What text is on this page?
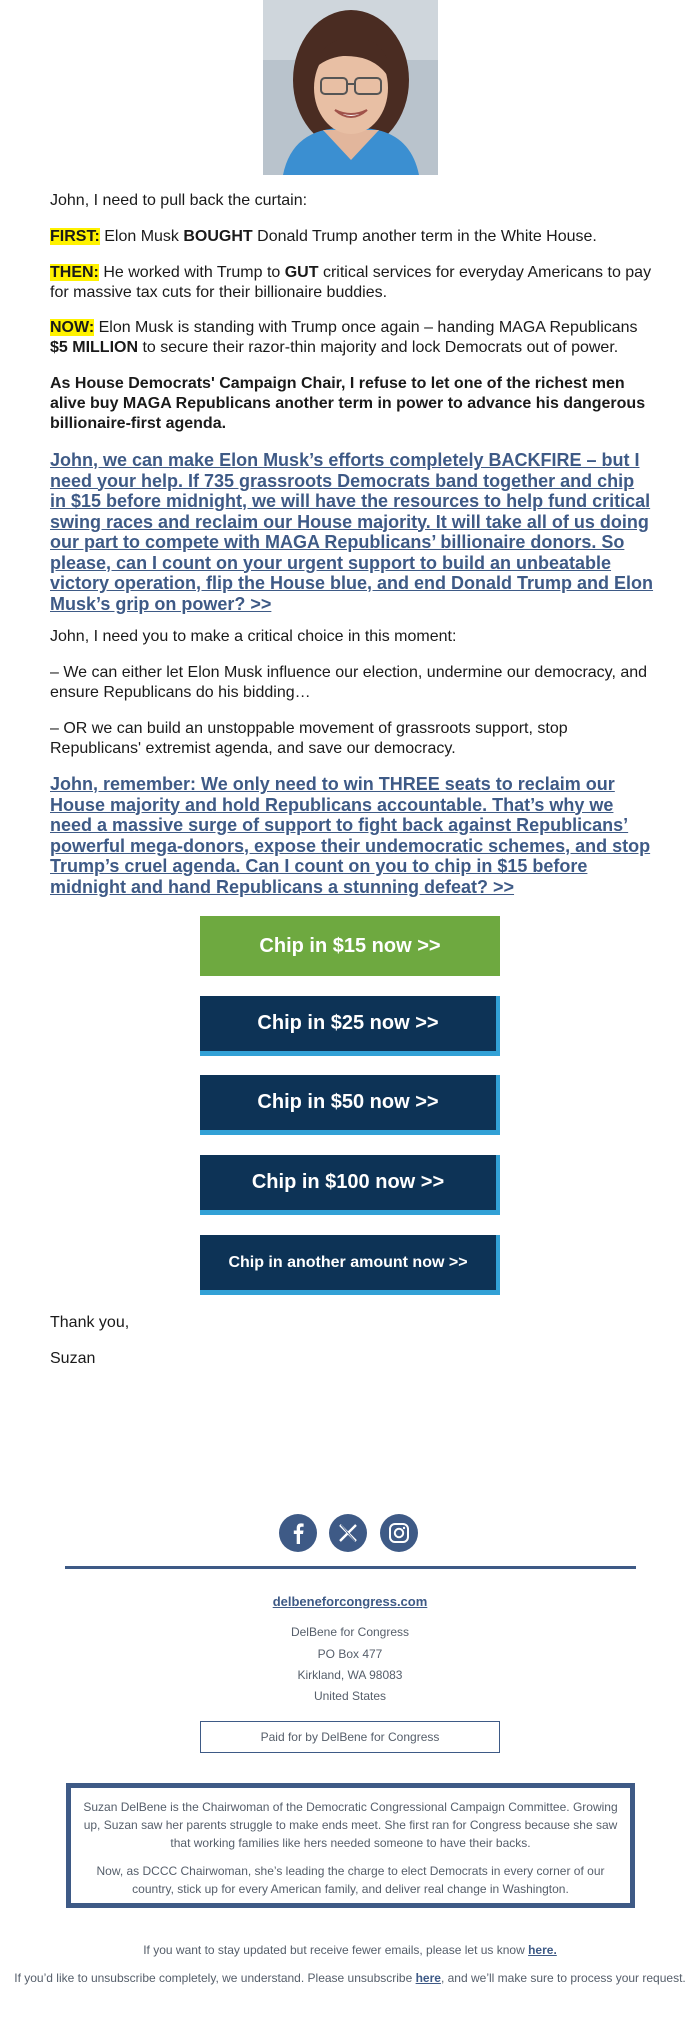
John, I need to pull back the curtain:
FIRST: Elon Musk BOUGHT Donald Trump another term in the White House.
THEN: He worked with Trump to GUT critical services for everyday Americans to pay for massive tax cuts for their billionaire buddies.
NOW: Elon Musk is standing with Trump once again – handing MAGA Republicans $5 MILLION to secure their razor-thin majority and lock Democrats out of power.
As House Democrats' Campaign Chair, I refuse to let one of the richest men alive buy MAGA Republicans another term in power to advance his dangerous billionaire-first agenda.
John, we can make Elon Musk’s efforts completely BACKFIRE – but I need your help. If 735 grassroots Democrats band together and chip in $15 before midnight, we will have the resources to help fund critical swing races and reclaim our House majority. It will take all of us doing our part to compete with MAGA Republicans’ billionaire donors. So please, can I count on your urgent support to build an unbeatable victory operation, flip the House blue, and end Donald Trump and Elon Musk’s grip on power? >>
John, I need you to make a critical choice in this moment:
– We can either let Elon Musk influence our election, undermine our democracy, and ensure Republicans do his bidding…
– OR we can build an unstoppable movement of grassroots support, stop Republicans' extremist agenda, and save our democracy.
John, remember: We only need to win THREE seats to reclaim our House majority and hold Republicans accountable. That’s why we need a massive surge of support to fight back against Republicans’ powerful mega-donors, expose their undemocratic schemes, and stop Trump’s cruel agenda. Can I count on you to chip in $15 before midnight and hand Republicans a stunning defeat? >>
Chip in $15 now >>
Chip in $25 now >>
Chip in $50 now >>
Chip in $100 now >>
Chip in another amount now >>
Thank you,
Suzan
delbeneforcongress.com
DelBene for Congress
PO Box 477
Kirkland, WA 98083
United States
Paid for by DelBene for Congress

Suzan DelBene is the Chairwoman of the Democratic Congressional Campaign Committee. Growing up, Suzan saw her parents struggle to make ends meet. She first ran for Congress because she saw that working families like hers needed someone to have their backs.

Now, as DCCC Chairwoman, she’s leading the charge to elect Democrats in every corner of our country, stick up for every American family, and deliver real change in Washington.

If you want to stay updated but receive fewer emails, please let us know here.
If you’d like to unsubscribe completely, we understand. Please unsubscribe here, and we’ll make sure to process your request.
